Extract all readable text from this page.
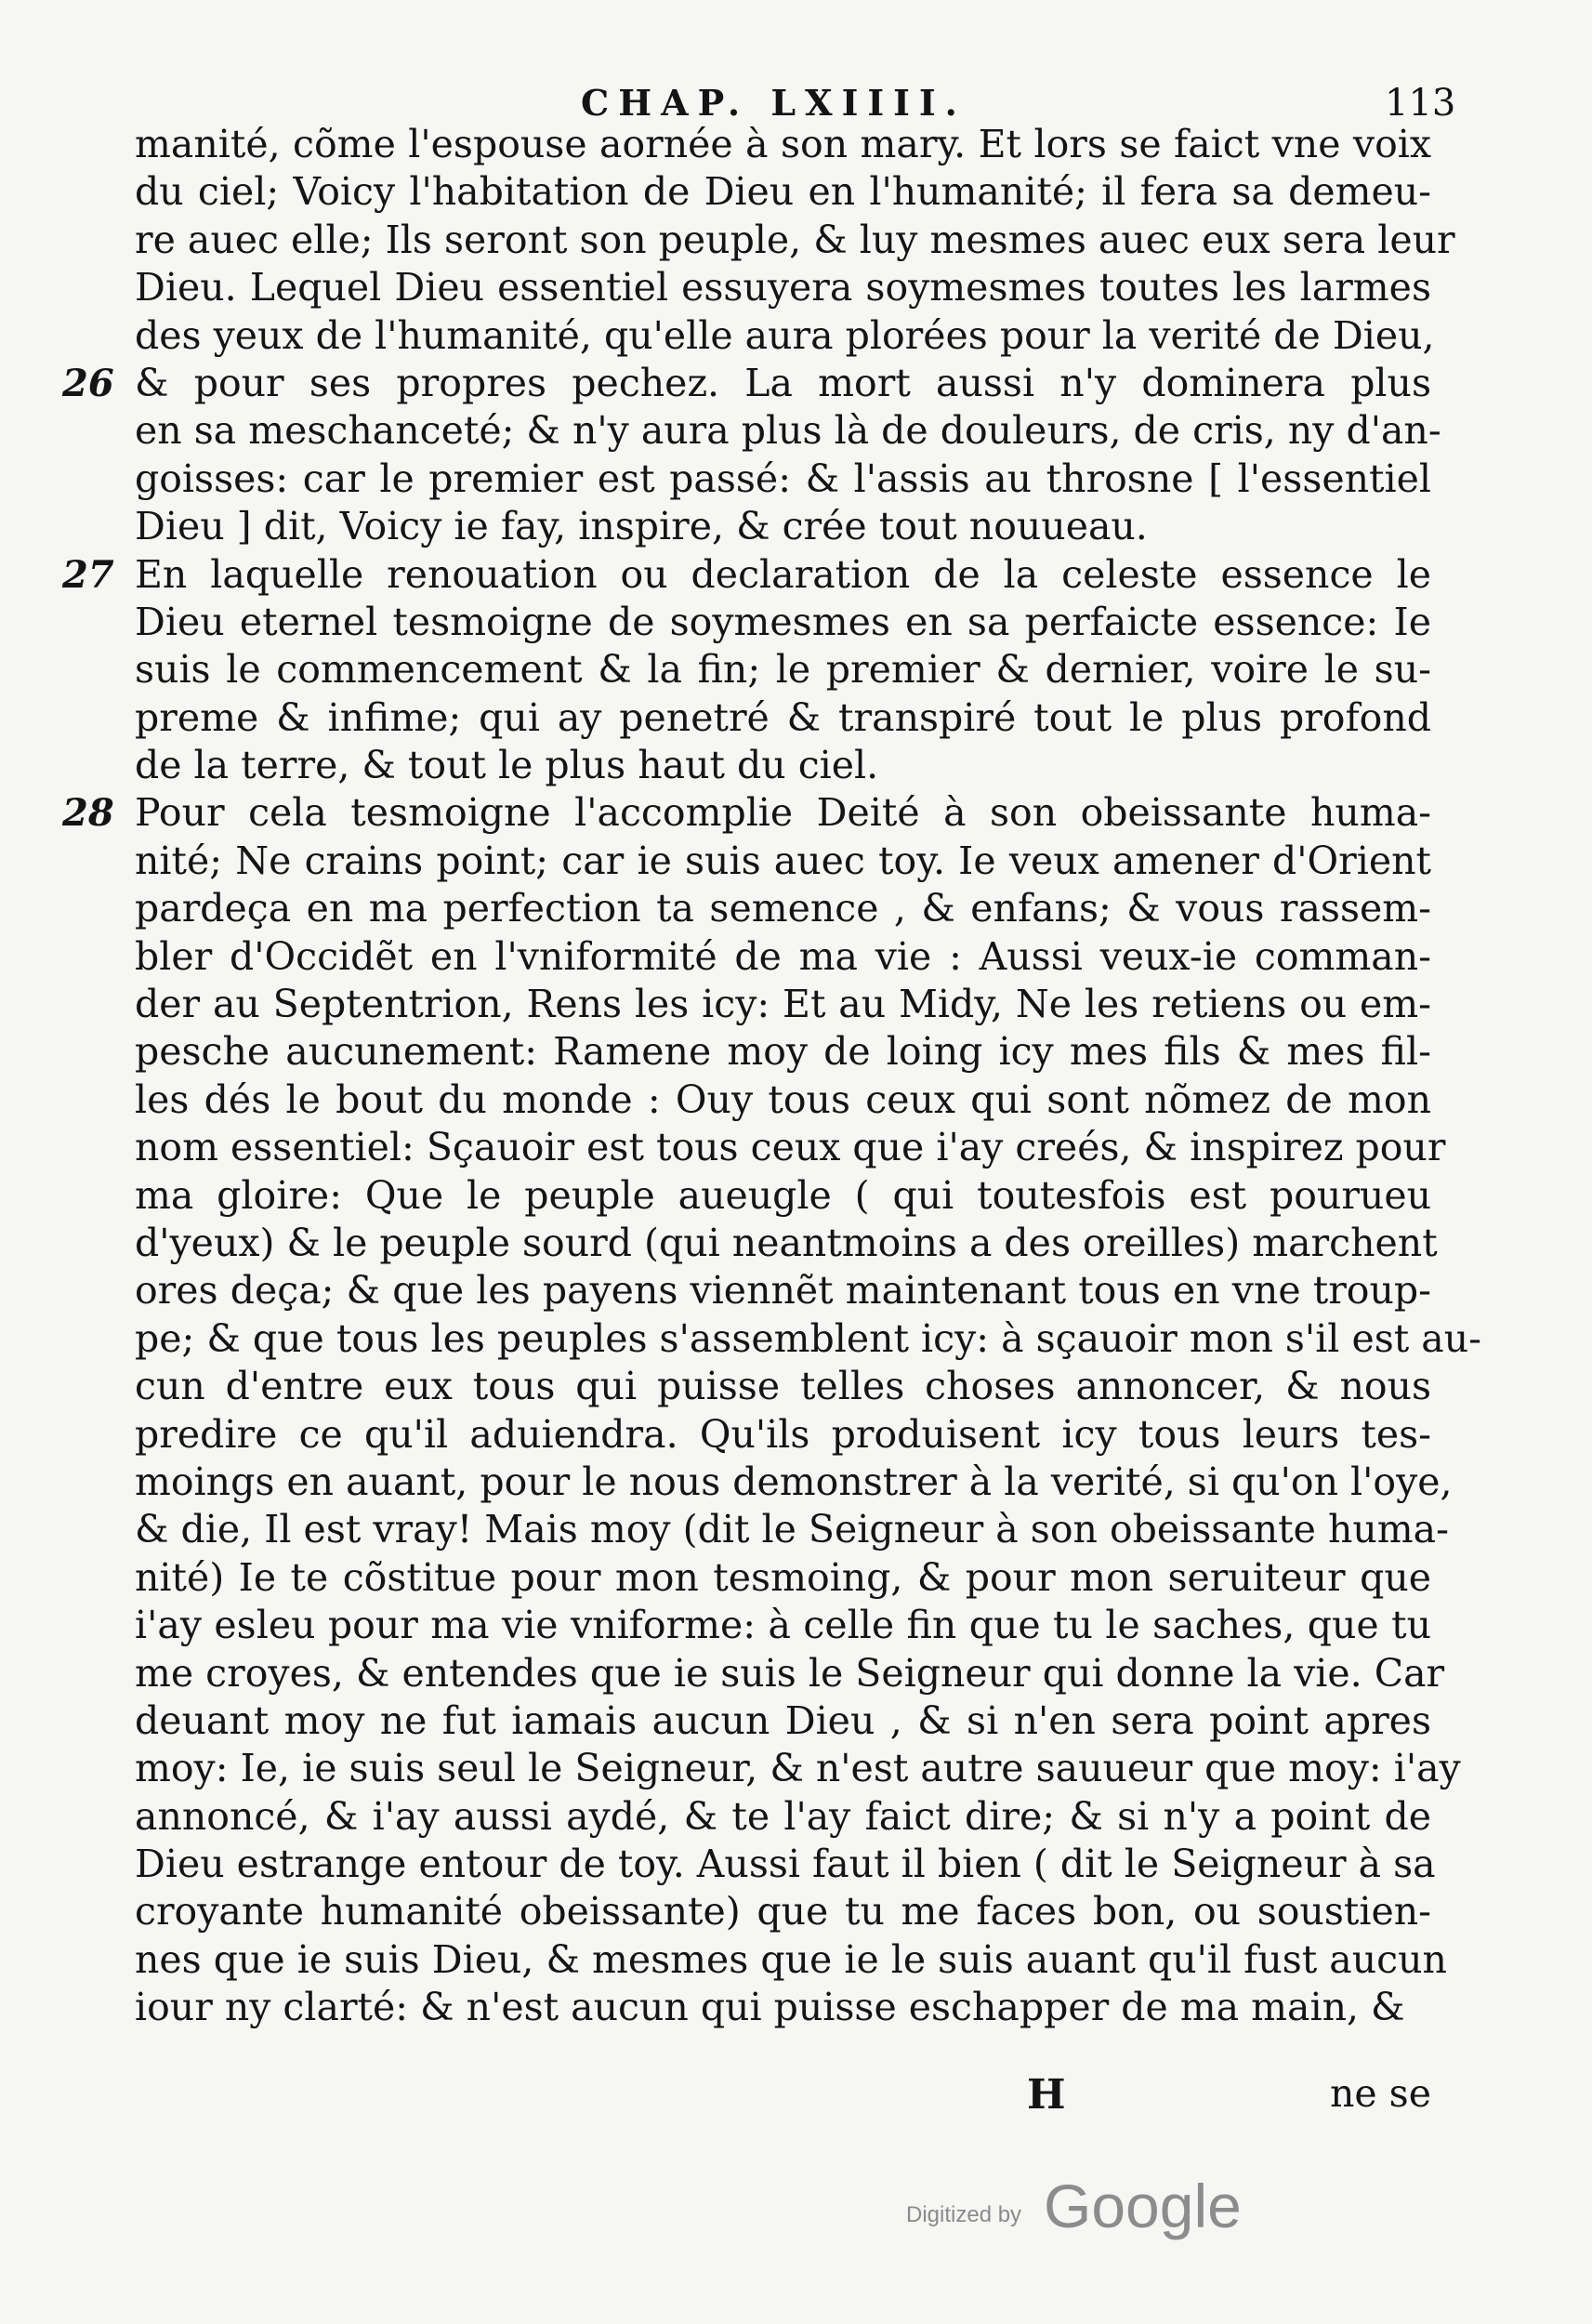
CHAP. LXIIII.	113
manité, cõme l'espouse aornée à son mary. Et lors se faict vne voix
du ciel; Voicy l'habitation de Dieu en l'humanité; il fera sa demeu-
re auec elle; Ils seront son peuple, & luy mesmes auec eux sera leur
Dieu. Lequel Dieu essentiel essuyera soymesmes toutes les larmes
des yeux de l'humanité, qu'elle aura plorées pour la verité de Dieu,
26 & pour ses propres pechez. La mort aussi n'y dominera plus
en sa meschanceté; & n'y aura plus là de douleurs, de cris, ny d'an-
goisses: car le premier est passé: & l'assis au throsne [ l'essentiel
Dieu ] dit, Voicy ie fay, inspire, & crée tout nouueau.
27 En laquelle renouation ou declaration de la celeste essence le
Dieu eternel tesmoigne de soymesmes en sa perfaicte essence: Ie
suis le commencement & la fin; le premier & dernier, voire le su-
preme & infime; qui ay penetré & transpiré tout le plus profond
de la terre, & tout le plus haut du ciel.
28 Pour cela tesmoigne l'accomplie Deité à son obeissante huma-
nité; Ne crains point; car ie suis auec toy. Ie veux amener d'Orient
pardeça en ma perfection ta semence , & enfans; & vous rassem-
bler d'Occidẽt en l'vniformité de ma vie : Aussi veux-ie comman-
der au Septentrion, Rens les icy: Et au Midy, Ne les retiens ou em-
pesche aucunement: Ramene moy de loing icy mes fils & mes fil-
les dés le bout du monde : Ouy tous ceux qui sont nõmez de mon
nom essentiel: Sçauoir est tous ceux que i'ay creés, & inspirez pour
ma gloire: Que le peuple aueugle ( qui toutesfois est pourueu
d'yeux) & le peuple sourd (qui neantmoins a des oreilles) marchent
ores deça; & que les payens viennẽt maintenant tous en vne troup-
pe; & que tous les peuples s'assemblent icy: à sçauoir mon s'il est au-
cun d'entre eux tous qui puisse telles choses annoncer, & nous
predire ce qu'il aduiendra. Qu'ils produisent icy tous leurs tes-
moings en auant, pour le nous demonstrer à la verité, si qu'on l'oye,
& die, Il est vray! Mais moy (dit le Seigneur à son obeissante huma-
nité) Ie te cõstitue pour mon tesmoing, & pour mon seruiteur que
i'ay esleu pour ma vie vniforme: à celle fin que tu le saches, que tu
me croyes, & entendes que ie suis le Seigneur qui donne la vie. Car
deuant moy ne fut iamais aucun Dieu , & si n'en sera point apres
moy: Ie, ie suis seul le Seigneur, & n'est autre sauueur que moy: i'ay
annoncé, & i'ay aussi aydé, & te l'ay faict dire; & si n'y a point de
Dieu estrange entour de toy. Aussi faut il bien ( dit le Seigneur à sa
croyante humanité obeissante) que tu me faces bon, ou soustien-
nes que ie suis Dieu, & mesmes que ie le suis auant qu'il fust aucun
iour ny clarté: & n'est aucun qui puisse eschapper de ma main, &
H	ne se
Digitized by Google
